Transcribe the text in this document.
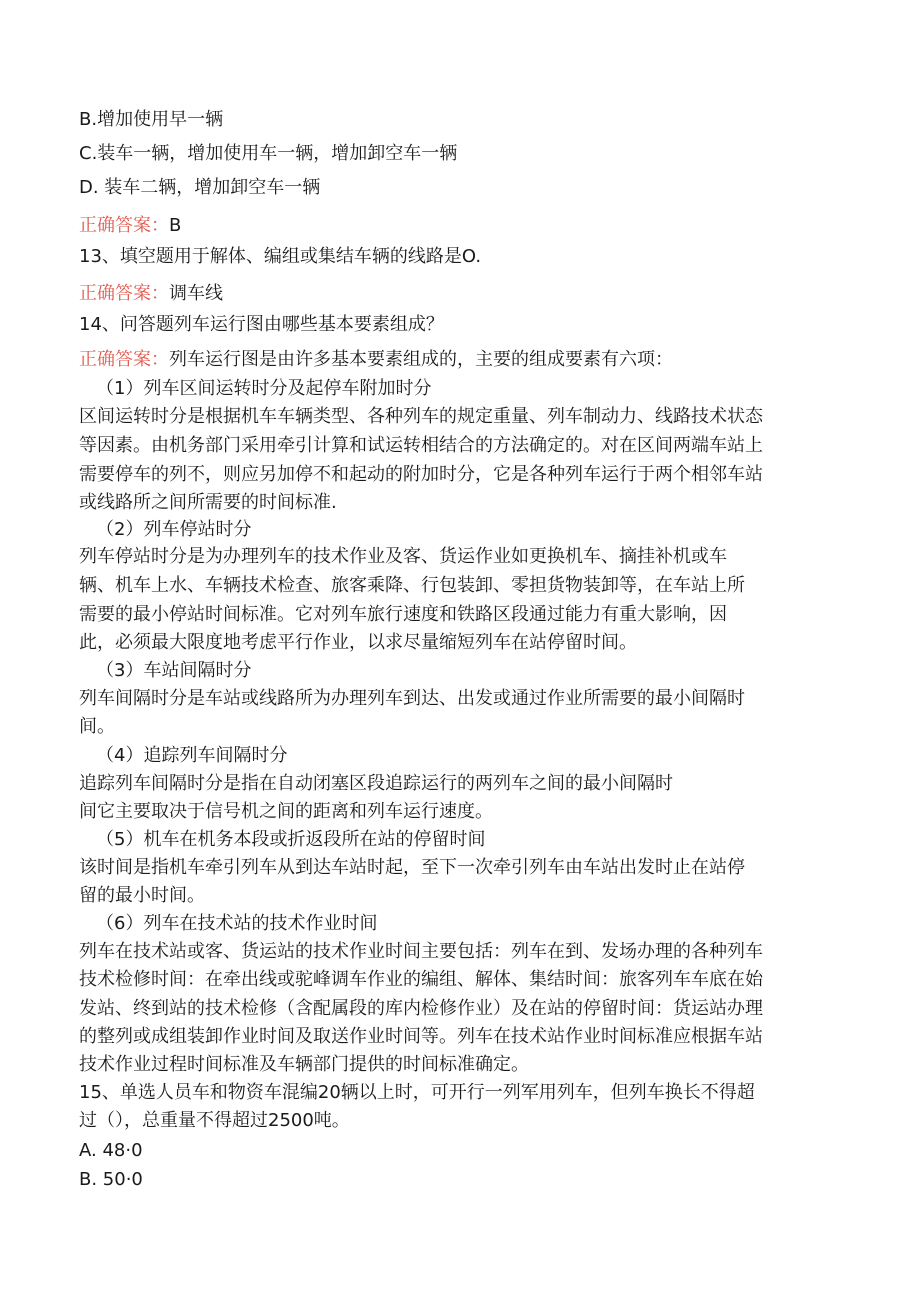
B.增加使用早一辆
C.装车一辆，增加使用车一辆，增加卸空车一辆
D. 装车二辆，增加卸空车一辆
正确答案：B
13、填空题用于解体、编组或集结车辆的线路是O.
正确答案：调车线
14、问答题列车运行图由哪些基本要素组成？
正确答案：列车运行图是由许多基本要素组成的，主要的组成要素有六项：
（1）列车区间运转时分及起停车附加时分
区间运转时分是根据机车车辆类型、各种列车的规定重量、列车制动力、线路技术状态
等因素。由机务部门采用牵引计算和试运转相结合的方法确定的。对在区间两端车站上
需要停车的列不，则应另加停不和起动的附加时分，它是各种列车运行于两个相邻车站
或线路所之间所需要的时间标准.
（2）列车停站时分
列车停站时分是为办理列车的技术作业及客、货运作业如更换机车、摘挂补机或车
辆、机车上水、车辆技术检查、旅客乘降、行包装卸、零担货物装卸等，在车站上所
需要的最小停站时间标准。它对列车旅行速度和铁路区段通过能力有重大影响，因
此，必须最大限度地考虑平行作业，以求尽量缩短列车在站停留时间。
（3）车站间隔时分
列车间隔时分是车站或线路所为办理列车到达、出发或通过作业所需要的最小间隔时
间。
（4）追踪列车间隔时分
追踪列车间隔时分是指在自动闭塞区段追踪运行的两列车之间的最小间隔时
间它主要取决于信号机之间的距离和列车运行速度。
（5）机车在机务本段或折返段所在站的停留时间
该时间是指机车牵引列车从到达车站时起，至下一次牵引列车由车站出发时止在站停
留的最小时间。
（6）列车在技术站的技术作业时间
列车在技术站或客、货运站的技术作业时间主要包括：列车在到、发场办理的各种列车
技术检修时间：在牵出线或驼峰调车作业的编组、解体、集结时间：旅客列车车底在始
发站、终到站的技术检修（含配属段的库内检修作业）及在站的停留时间：货运站办理
的整列或成组装卸作业时间及取送作业时间等。列车在技术站作业时间标准应根据车站
技术作业过程时间标准及车辆部门提供的时间标准确定。
15、单选人员车和物资车混编20辆以上时，可开行一列军用列车，但列车换长不得超
过（），总重量不得超过2500吨。
A. 48·0
B. 50·0
